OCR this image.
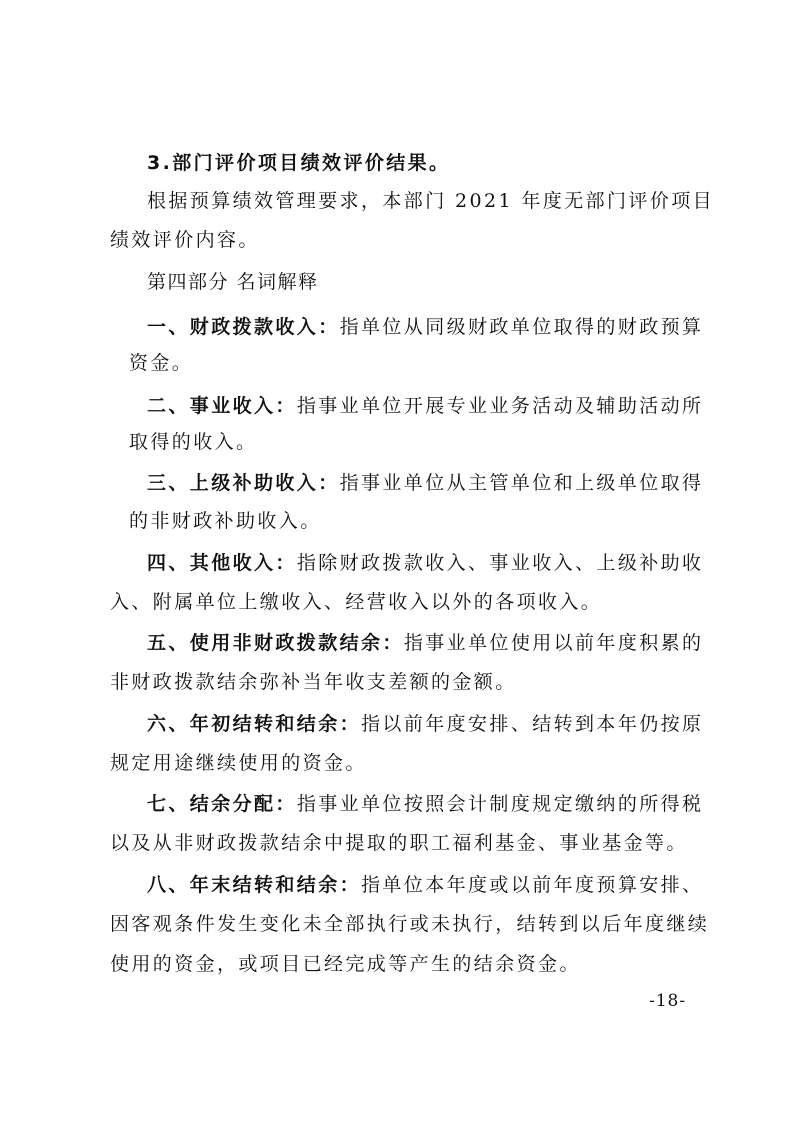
3.部门评价项目绩效评价结果。
根据预算绩效管理要求，本部门 2021 年度无部门评价项目
绩效评价内容。
第四部分 名词解释
一、财政拨款收入：指单位从同级财政单位取得的财政预算
资金。
二、事业收入：指事业单位开展专业业务活动及辅助活动所
取得的收入。
三、上级补助收入：指事业单位从主管单位和上级单位取得
的非财政补助收入。
四、其他收入：指除财政拨款收入、事业收入、上级补助收
入、附属单位上缴收入、经营收入以外的各项收入。
五、使用非财政拨款结余：指事业单位使用以前年度积累的
非财政拨款结余弥补当年收支差额的金额。
六、年初结转和结余：指以前年度安排、结转到本年仍按原
规定用途继续使用的资金。
七、结余分配：指事业单位按照会计制度规定缴纳的所得税
以及从非财政拨款结余中提取的职工福利基金、事业基金等。
八、年末结转和结余：指单位本年度或以前年度预算安排、
因客观条件发生变化未全部执行或未执行，结转到以后年度继续
使用的资金，或项目已经完成等产生的结余资金。
-18-
